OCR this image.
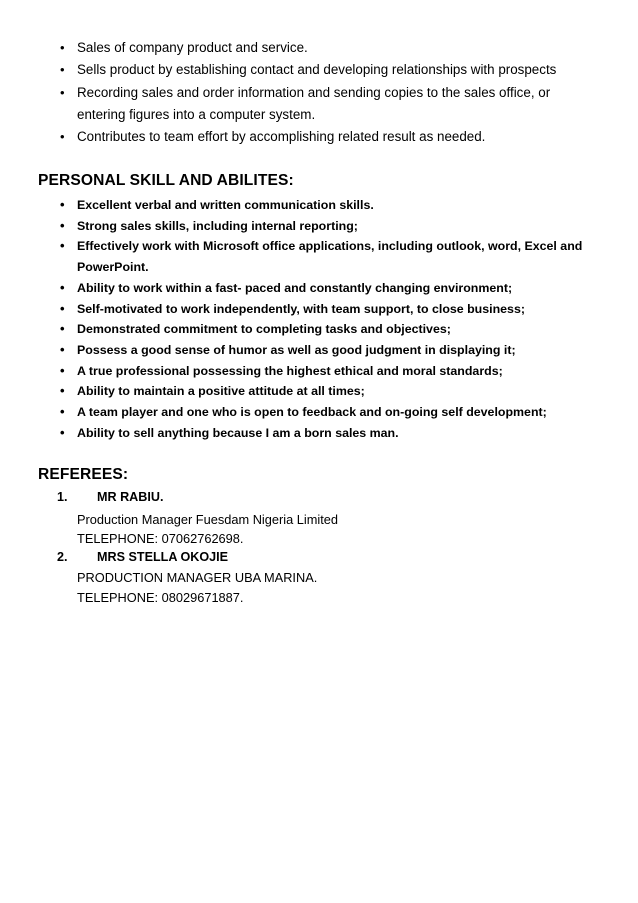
• Sales of company product and service.
• Sells product by establishing contact and developing relationships with prospects
• Recording sales and order information and sending copies to the sales office, or entering figures into a computer system.
• Contributes to team effort by accomplishing related result as needed.
PERSONAL SKILL AND ABILITES:
• Excellent verbal and written communication skills.
• Strong sales skills, including internal reporting;
• Effectively work with Microsoft office applications, including outlook, word, Excel and PowerPoint.
• Ability to work within a fast- paced and constantly changing environment;
• Self-motivated to work independently, with team support, to close business;
• Demonstrated commitment to completing tasks and objectives;
• Possess a good sense of humor as well as good judgment in displaying it;
• A true professional possessing the highest ethical and moral standards;
• Ability to maintain a positive attitude at all times;
• A team player and one who is open to feedback and on-going self development;
• Ability to sell anything because I am a born sales man.
REFEREES:
1. MR RABIU.
Production Manager Fuesdam Nigeria Limited
TELEPHONE: 07062762698.
2. MRS STELLA OKOJIE
PRODUCTION MANAGER UBA MARINA.
TELEPHONE: 08029671887.
